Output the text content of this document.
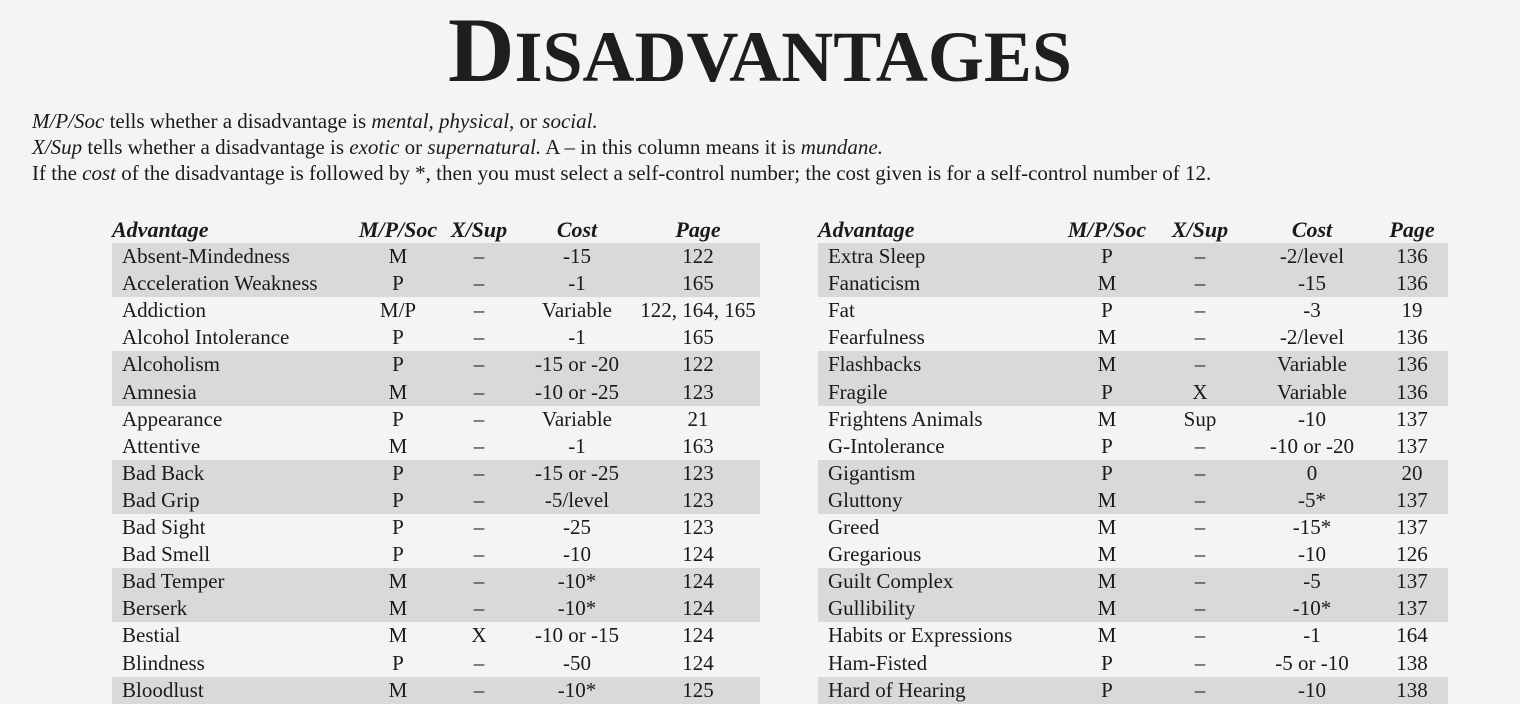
DISADVANTAGES

M/P/Soc tells whether a disadvantage is mental, physical, or social.

X/Sup tells whether a disadvantage is exotic or supernatural. A – in this column means it is mundane.

If the cost of the disadvantage is followed by *, then you must select a self-control number; the cost given is for a self-control number of 12.

Advantage	M/P/Soc	X/Sup	Cost	Page
Absent-Mindedness	M	–	-15	122
Acceleration Weakness	P	–	-1	165
Addiction	M/P	–	Variable	122, 164, 165
Alcohol Intolerance	P	–	-1	165
Alcoholism	P	–	-15 or -20	122
Amnesia	M	–	-10 or -25	123
Appearance	P	–	Variable	21
Attentive	M	–	-1	163
Bad Back	P	–	-15 or -25	123
Bad Grip	P	–	-5/level	123
Bad Sight	P	–	-25	123
Bad Smell	P	–	-10	124
Bad Temper	M	–	-10*	124
Berserk	M	–	-10*	124
Bestial	M	X	-10 or -15	124
Blindness	P	–	-50	124
Bloodlust	M	–	-10*	125
Advantage	M/P/Soc	X/Sup	Cost	Page
Extra Sleep	P	–	-2/level	136
Fanaticism	M	–	-15	136
Fat	P	–	-3	19
Fearfulness	M	–	-2/level	136
Flashbacks	M	–	Variable	136
Fragile	P	X	Variable	136
Frightens Animals	M	Sup	-10	137
G-Intolerance	P	–	-10 or -20	137
Gigantism	P	–	0	20
Gluttony	M	–	-5*	137
Greed	M	–	-15*	137
Gregarious	M	–	-10	126
Guilt Complex	M	–	-5	137
Gullibility	M	–	-10*	137
Habits or Expressions	M	–	-1	164
Ham-Fisted	P	–	-5 or -10	138
Hard of Hearing	P	–	-10	138
